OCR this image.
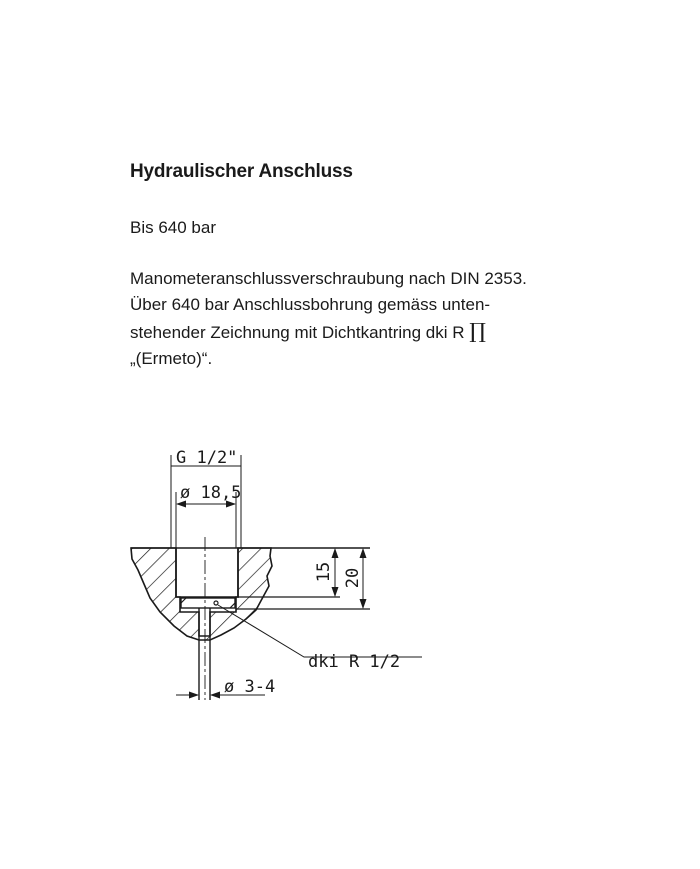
Hydraulischer Anschluss

Bis 640 bar

Manometeranschlussverschraubung nach DIN 2353.
Über 640 bar Anschlussbohrung gemäss unten-
stehender Zeichnung mit Dichtkantring dki R ∏
„(Ermeto)“.

G 1/2"
ø 18,5
15 20
dki R 1/2
ø 3-4
